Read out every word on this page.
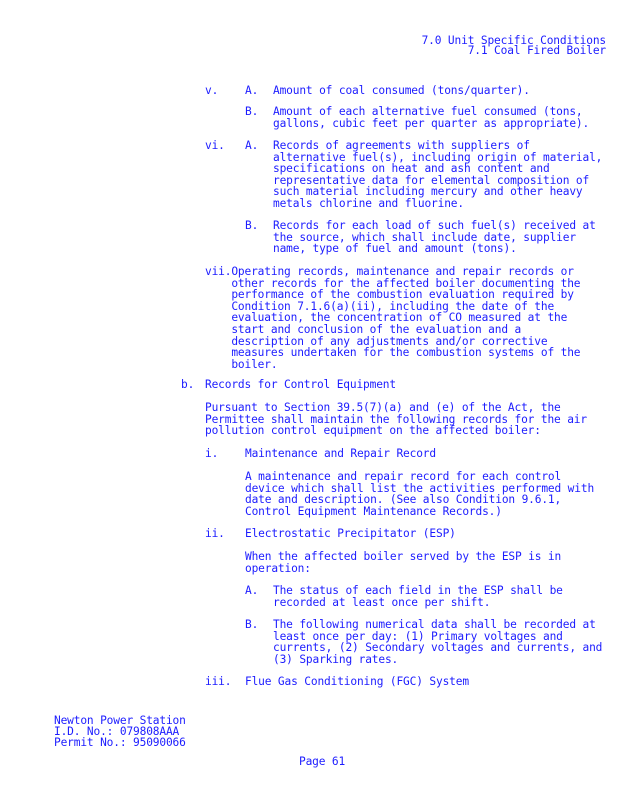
7.0 Unit Specific Conditions

7.1 Coal Fired Boiler

v. A. Amount of coal consumed (tons/quarter).

B. Amount of each alternative fuel consumed (tons,
gallons, cubic feet per quarter as appropriate).

vi. A. Records of agreements with suppliers of
alternative fuel(s), including origin of material,
specifications on heat and ash content and
representative data for elemental composition of
such material including mercury and other heavy
metals chlorine and fluorine.

B. Records for each load of such fuel(s) received at
the source, which shall include date, supplier
name, type of fuel and amount (tons).

vii.Operating records, maintenance and repair records or
other records for the affected boiler documenting the
performance of the combustion evaluation required by
Condition 7.1.6(a)(ii), including the date of the
evaluation, the concentration of CO measured at the
start and conclusion of the evaluation and a
description of any adjustments and/or corrective
measures undertaken for the combustion systems of the
boiler.

b. Records for Control Equipment

Pursuant to Section 39.5(7)(a) and (e) of the Act, the
Permittee shall maintain the following records for the air
pollution control equipment on the affected boiler:

i. Maintenance and Repair Record

A maintenance and repair record for each control
device which shall list the activities performed with
date and description. (See also Condition 9.6.1,
Control Equipment Maintenance Records.)

ii. Electrostatic Precipitator (ESP)

When the affected boiler served by the ESP is in
operation:

A. The status of each field in the ESP shall be
recorded at least once per shift.

B. The following numerical data shall be recorded at
least once per day: (1) Primary voltages and
currents, (2) Secondary voltages and currents, and
(3) Sparking rates.

iii. Flue Gas Conditioning (FGC) System

Newton Power Station

I.D. No.: 079808AAA

Permit No.: 95090066

Page 61
